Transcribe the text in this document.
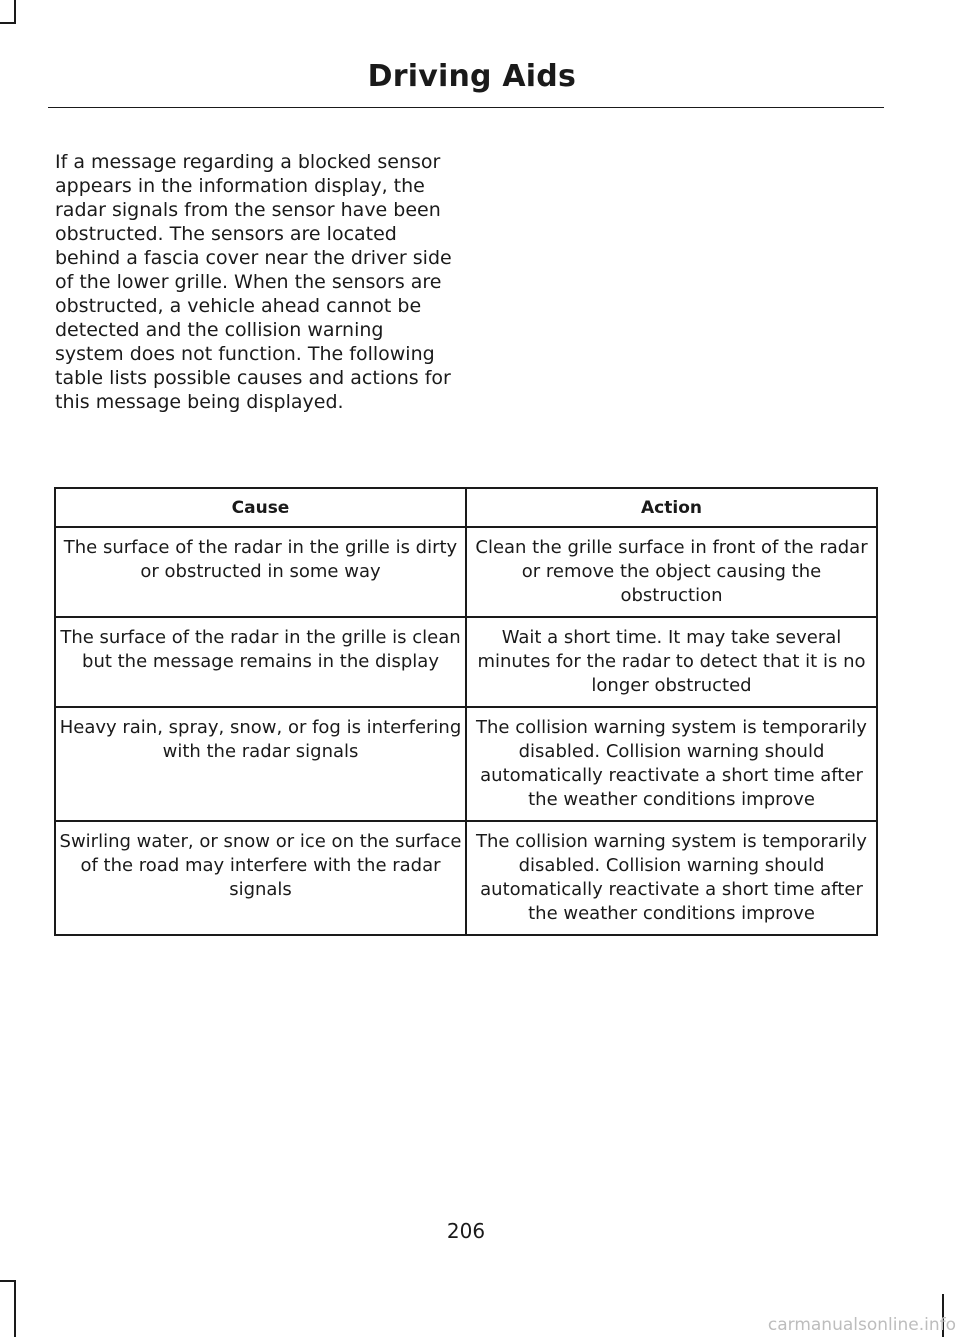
Driving Aids

If a message regarding a blocked sensor appears in the information display, the radar signals from the sensor have been obstructed. The sensors are located behind a fascia cover near the driver side of the lower grille. When the sensors are obstructed, a vehicle ahead cannot be detected and the collision warning system does not function. The following table lists possible causes and actions for this message being displayed.

Cause	Action
The surface of the radar in the grille is dirty or obstructed in some way	Clean the grille surface in front of the radar or remove the object causing the obstruction
The surface of the radar in the grille is clean but the message remains in the display	Wait a short time. It may take several minutes for the radar to detect that it is no longer obstructed
Heavy rain, spray, snow, or fog is interfering with the radar signals	The collision warning system is temporarily disabled. Collision warning should automatically reactivate a short time after the weather conditions improve
Swirling water, or snow or ice on the surface of the road may interfere with the radar signals	The collision warning system is temporarily disabled. Collision warning should automatically reactivate a short time after the weather conditions improve
206
carmanualsonline.info
